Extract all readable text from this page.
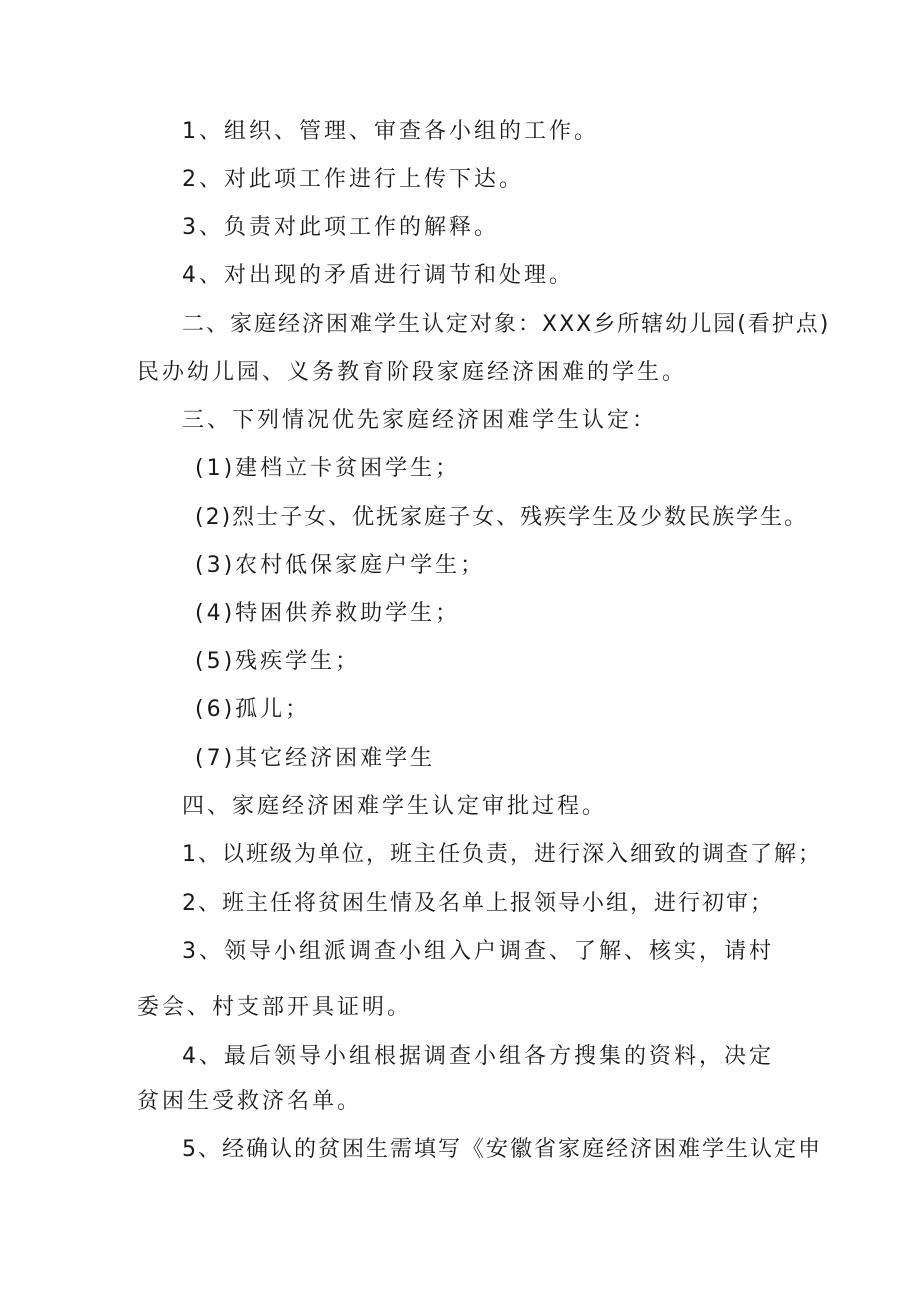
1、组织、管理、审查各小组的工作。
2、对此项工作进行上传下达。
3、负责对此项工作的解释。
4、对出现的矛盾进行调节和处理。
二、家庭经济困难学生认定对象：XXX乡所辖幼儿园(看护点)
民办幼儿园、义务教育阶段家庭经济困难的学生。
三、下列情况优先家庭经济困难学生认定：
(1)建档立卡贫困学生；
(2)烈士子女、优抚家庭子女、残疾学生及少数民族学生。
(3)农村低保家庭户学生；
(4)特困供养救助学生；
(5)残疾学生；
(6)孤儿；
(7)其它经济困难学生
四、家庭经济困难学生认定审批过程。
1、以班级为单位，班主任负责，进行深入细致的调查了解；
2、班主任将贫困生情及名单上报领导小组，进行初审；
3、领导小组派调查小组入户调查、了解、核实，请村
委会、村支部开具证明。
4、最后领导小组根据调查小组各方搜集的资料，决定
贫困生受救济名单。
5、经确认的贫困生需填写《安徽省家庭经济困难学生认定申
